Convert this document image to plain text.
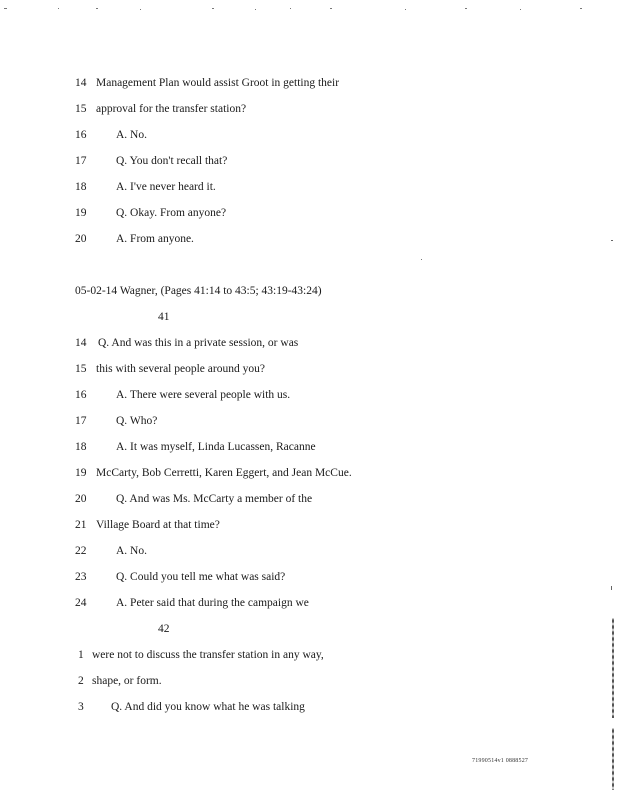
14 Management Plan would assist Groot in getting their
15 approval for the transfer station?
16	A. No.
17	Q. You don't recall that?
18	A. I've never heard it.
19	Q. Okay. From anyone?
20	A. From anyone.
05-02-14 Wagner, (Pages 41:14 to 43:5; 43:19-43:24)
41
14 Q. And was this in a private session, or was
15 this with several people around you?
16	A. There were several people with us.
17	Q. Who?
18	A. It was myself, Linda Lucassen, Racanne
19 McCarty, Bob Cerretti, Karen Eggert, and Jean McCue.
20	Q. And was Ms. McCarty a member of the
21 Village Board at that time?
22	A. No.
23	Q. Could you tell me what was said?
24	A. Peter said that during the campaign we
42
1 were not to discuss the transfer station in any way,
2 shape, or form.
3 Q. And did you know what he was talking
71990514v1 0888527
